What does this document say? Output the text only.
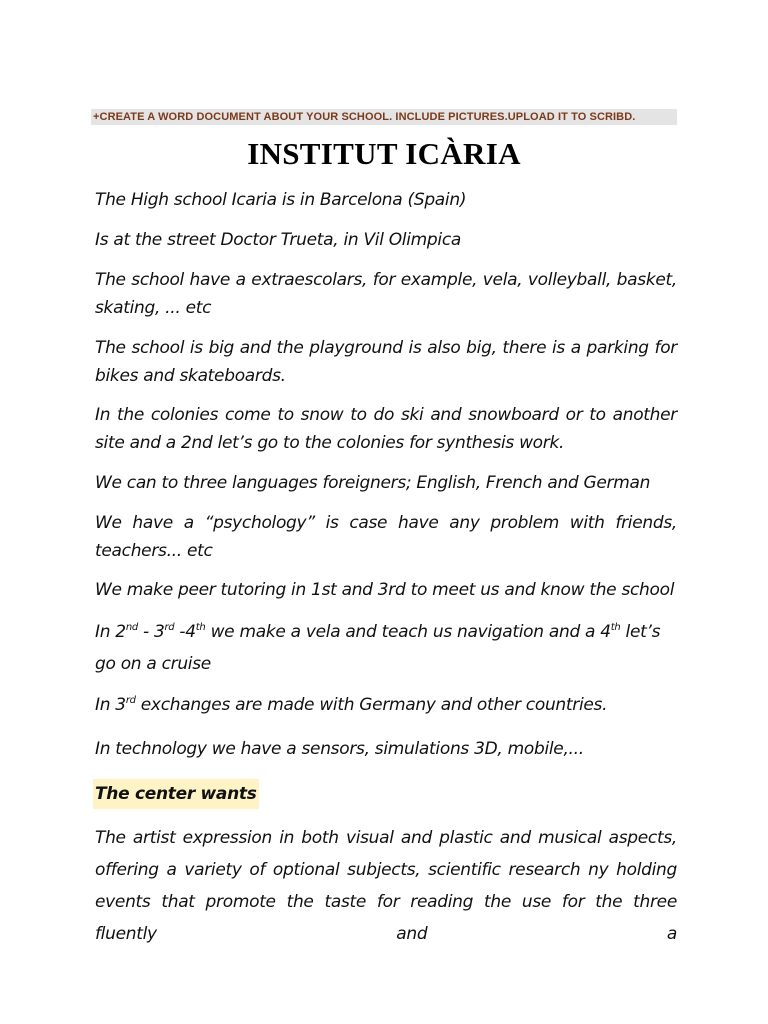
+CREATE A WORD DOCUMENT ABOUT YOUR SCHOOL. INCLUDE PICTURES.UPLOAD IT TO SCRIBD.
INSTITUT ICÀRIA
The High school Icaria is in Barcelona (Spain)
Is at the street Doctor Trueta, in Vil Olimpica
The school have a extraescolars, for example, vela, volleyball, basket, skating, ... etc
The school is big and the playground is also big, there is a parking for bikes and skateboards.
In the colonies come to snow to do ski and snowboard or to another site and a 2nd let’s go to the colonies for synthesis work.
We can to three languages foreigners; English, French and German
We have a “psychology” is case have any problem with friends, teachers... etc
We make peer tutoring in 1st and 3rd to meet us and know the school
In 2nd - 3rd -4th we make a vela and teach us navigation and a 4th let’s go on a cruise
In 3rd exchanges are made with Germany and other countries.
In technology we have a sensors, simulations 3D, mobile,...
The center wants
The artist expression in both visual and plastic and musical aspects, offering a variety of optional subjects, scientific research ny holding events that promote the taste for reading the use for the three fluently and a
